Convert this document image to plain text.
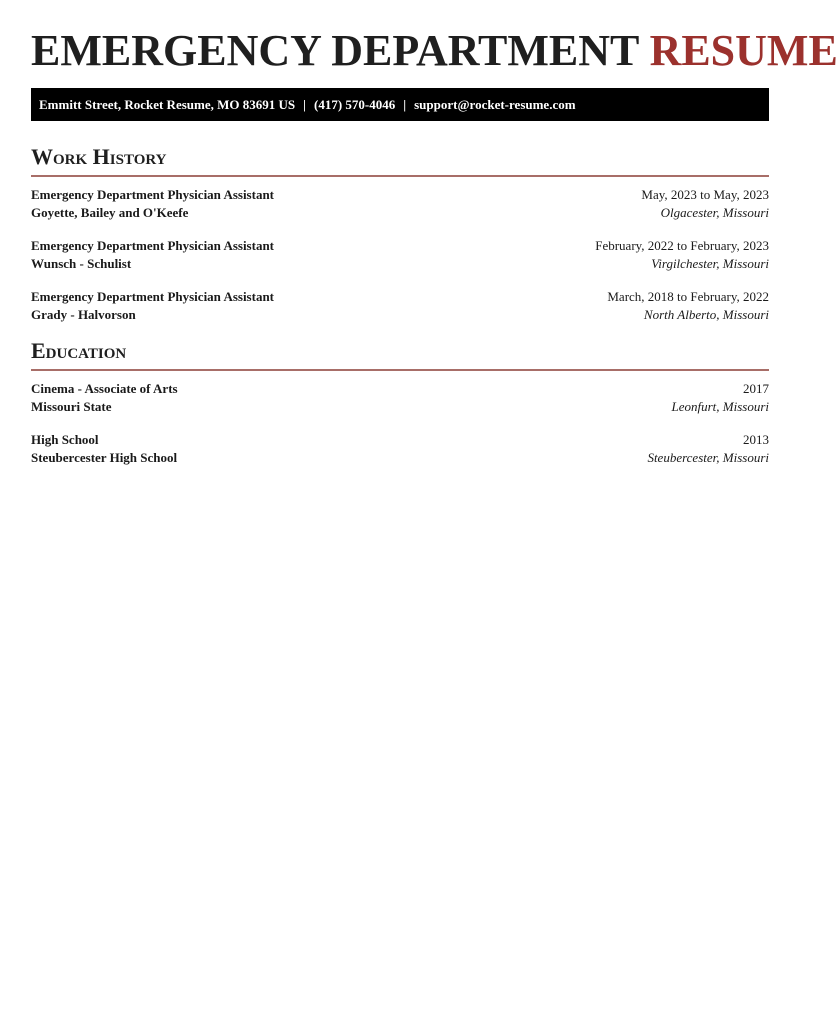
EMERGENCY DEPARTMENT RESUME
Emmitt Street, Rocket Resume, MO 83691 US | (417) 570-4046 | support@rocket-resume.com
Work History
Emergency Department Physician Assistant	May, 2023 to May, 2023
Goyette, Bailey and O'Keefe	Olgacester, Missouri
Emergency Department Physician Assistant	February, 2022 to February, 2023
Wunsch - Schulist	Virgilchester, Missouri
Emergency Department Physician Assistant	March, 2018 to February, 2022
Grady - Halvorson	North Alberto, Missouri
Education
Cinema - Associate of Arts	2017
Missouri State	Leonfurt, Missouri
High School	2013
Steubercester High School	Steubercester, Missouri
